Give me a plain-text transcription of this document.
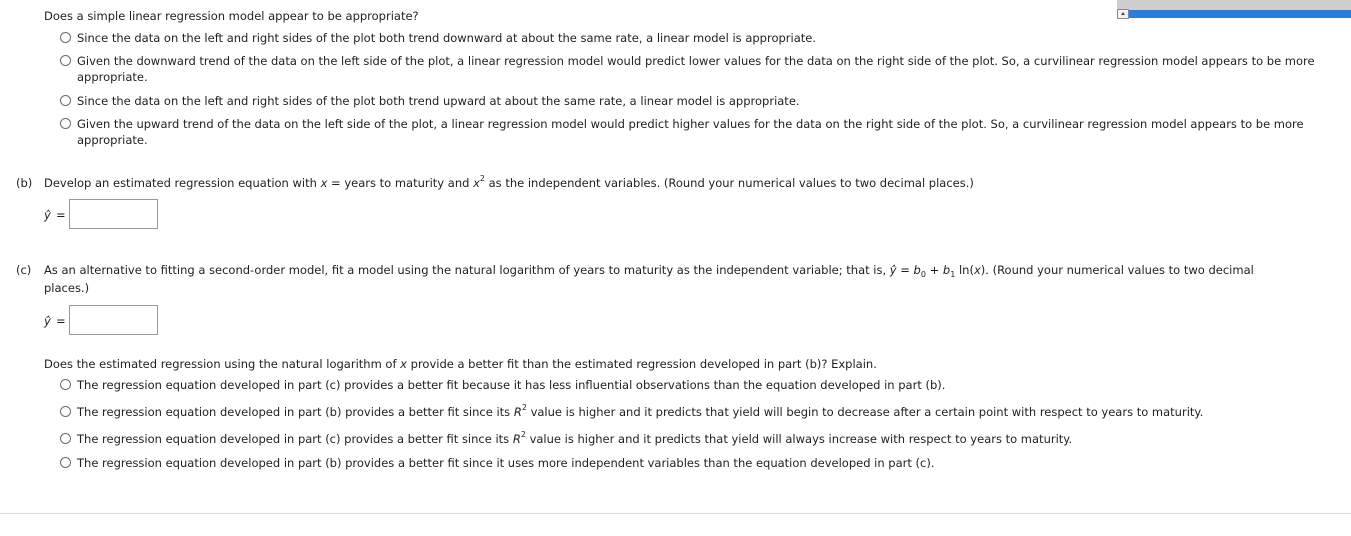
Does a simple linear regression model appear to be appropriate?
Since the data on the left and right sides of the plot both trend downward at about the same rate, a linear model is appropriate.
Given the downward trend of the data on the left side of the plot, a linear regression model would predict lower values for the data on the right side of the plot. So, a curvilinear regression model appears to be more appropriate.
Since the data on the left and right sides of the plot both trend upward at about the same rate, a linear model is appropriate.
Given the upward trend of the data on the left side of the plot, a linear regression model would predict higher values for the data on the right side of the plot. So, a curvilinear regression model appears to be more appropriate.
(b) Develop an estimated regression equation with x = years to maturity and $x^2$ as the independent variables. (Round your numerical values to two decimal places.)
ŷ =
(c) As an alternative to fitting a second-order model, fit a model using the natural logarithm of years to maturity as the independent variable; that is, ŷ = $b_0 + b_1$ ln(x). (Round your numerical values to two decimal
places.)
ŷ =
Does the estimated regression using the natural logarithm of x provide a better fit than the estimated regression developed in part (b)? Explain.
The regression equation developed in part (c) provides a better fit because it has less influential observations than the equation developed in part (b).
The regression equation developed in part (b) provides a better fit since its $R^2$ value is higher and it predicts that yield will begin to decrease after a certain point with respect to years to maturity.
The regression equation developed in part (c) provides a better fit since its $R^2$ value is higher and it predicts that yield will always increase with respect to years to maturity.
The regression equation developed in part (b) provides a better fit since it uses more independent variables than the equation developed in part (c).
